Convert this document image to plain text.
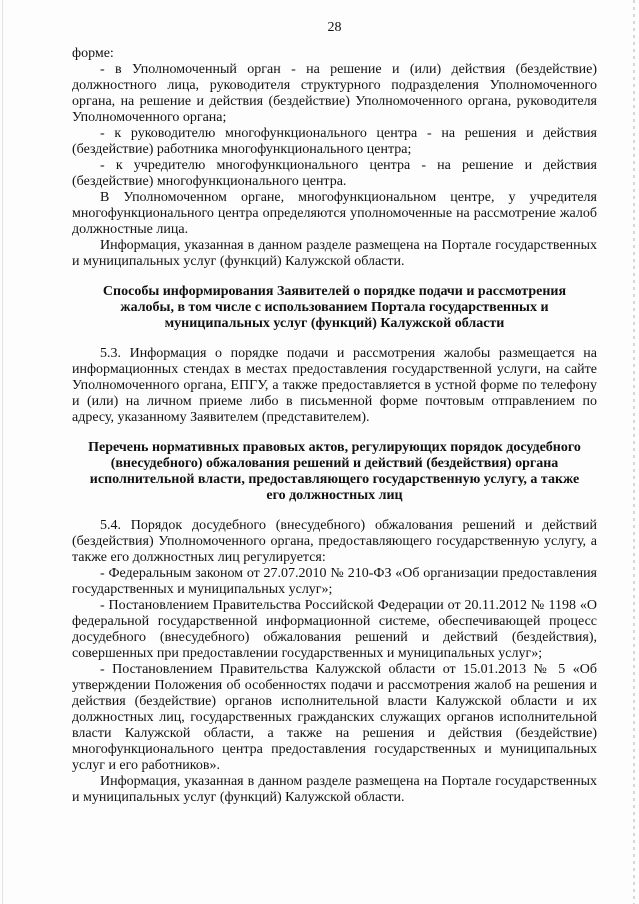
28

форме:

- в Уполномоченный орган - на решение и (или) действия (бездействие) должностного лица, руководителя структурного подразделения Уполномоченного органа, на решение и действия (бездействие) Уполномоченного органа, руководителя Уполномоченного органа;

- к руководителю многофункционального центра - на решения и действия (бездействие) работника многофункционального центра;

- к учредителю многофункционального центра - на решение и действия (бездействие) многофункционального центра.

В Уполномоченном органе, многофункциональном центре, у учредителя многофункционального центра определяются уполномоченные на рассмотрение жалоб должностные лица.

Информация, указанная в данном разделе размещена на Портале государственных и муниципальных услуг (функций) Калужской области.

Способы информирования Заявителей о порядке подачи и рассмотрения жалобы, в том числе с использованием Портала государственных и муниципальных услуг (функций) Калужской области

5.3. Информация о порядке подачи и рассмотрения жалобы размещается на информационных стендах в местах предоставления государственной услуги, на сайте Уполномоченного органа, ЕПГУ, а также предоставляется в устной форме по телефону и (или) на личном приеме либо в письменной форме почтовым отправлением по адресу, указанному Заявителем (представителем).

Перечень нормативных правовых актов, регулирующих порядок досудебного (внесудебного) обжалования решений и действий (бездействия) органа исполнительной власти, предоставляющего государственную услугу, а также его должностных лиц

5.4. Порядок досудебного (внесудебного) обжалования решений и действий (бездействия) Уполномоченного органа, предоставляющего государственную услугу, а также его должностных лиц регулируется:

- Федеральным законом от 27.07.2010 № 210-ФЗ «Об организации предоставления государственных и муниципальных услуг»;

- Постановлением Правительства Российской Федерации от 20.11.2012 № 1198 «О федеральной государственной информационной системе, обеспечивающей процесс досудебного (внесудебного) обжалования решений и действий (бездействия), совершенных при предоставлении государственных и муниципальных услуг»;

- Постановлением Правительства Калужской области от 15.01.2013 № 5 «Об утверждении Положения об особенностях подачи и рассмотрения жалоб на решения и действия (бездействие) органов исполнительной власти Калужской области и их должностных лиц, государственных гражданских служащих органов исполнительной власти Калужской области, а также на решения и действия (бездействие) многофункционального центра предоставления государственных и муниципальных услуг и его работников».

Информация, указанная в данном разделе размещена на Портале государственных и муниципальных услуг (функций) Калужской области.
